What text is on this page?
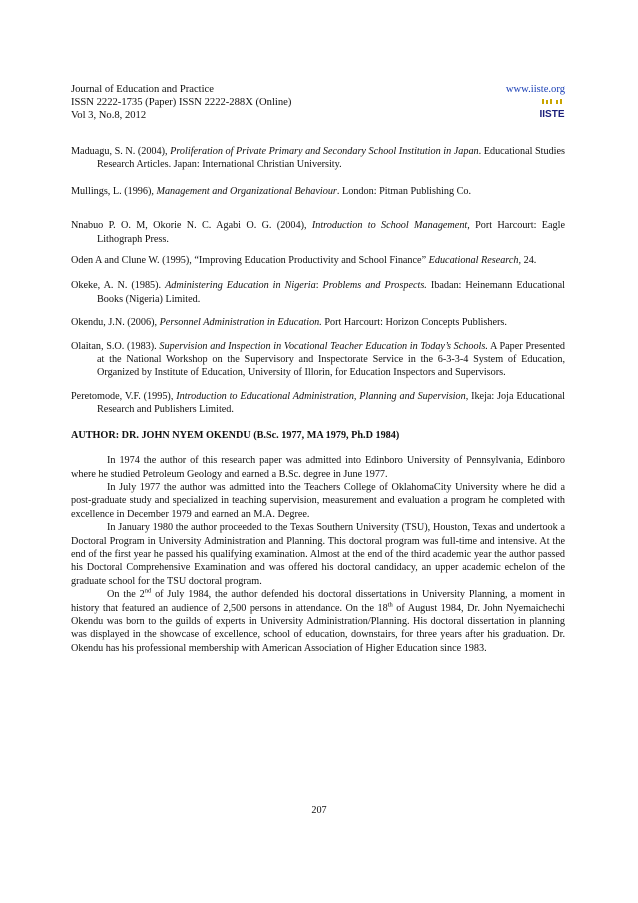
Journal of Education and Practice
ISSN 2222-1735 (Paper) ISSN 2222-288X (Online)
Vol 3, No.8, 2012
www.iiste.org
IISTE

Maduagu, S. N. (2004), Proliferation of Private Primary and Secondary School Institution in Japan. Educational Studies Research Articles. Japan: International Christian University.

Mullings, L. (1996), Management and Organizational Behaviour. London: Pitman Publishing Co.

Nnabuo P. O. M, Okorie N. C. Agabi O. G. (2004), Introduction to School Management, Port Harcourt: Eagle Lithograph Press.

Oden A and Clune W. (1995), “Improving Education Productivity and School Finance” Educational Research, 24.

Okeke, A. N. (1985). Administering Education in Nigeria: Problems and Prospects. Ibadan: Heinemann Educational Books (Nigeria) Limited.

Okendu, J.N. (2006), Personnel Administration in Education. Port Harcourt: Horizon Concepts Publishers.

Olaitan, S.O. (1983). Supervision and Inspection in Vocational Teacher Education in Today’s Schools. A Paper Presented at the National Workshop on the Supervisory and Inspectorate Service in the 6-3-3-4 System of Education, Organized by Institute of Education, University of Illorin, for Education Inspectors and Supervisors.

Peretomode, V.F. (1995), Introduction to Educational Administration, Planning and Supervision, Ikeja: Joja Educational Research and Publishers Limited.

AUTHOR: DR. JOHN NYEM OKENDU (B.Sc. 1977, MA 1979, Ph.D 1984)

In 1974 the author of this research paper was admitted into Edinboro University of Pennsylvania, Edinboro where he studied Petroleum Geology and earned a B.Sc. degree in June 1977.

In July 1977 the author was admitted into the Teachers College of OklahomaCity University where he did a post-graduate study and specialized in teaching supervision, measurement and evaluation a program he completed with excellence in December 1979 and earned an M.A. Degree.

In January 1980 the author proceeded to the Texas Southern University (TSU), Houston, Texas and undertook a Doctoral Program in University Administration and Planning. This doctoral program was full-time and intensive. At the end of the first year he passed his qualifying examination. Almost at the end of the third academic year the author passed his Doctoral Comprehensive Examination and was offered his doctoral candidacy, an upper academic echelon of the graduate school for the TSU doctoral program.

On the 2nd of July 1984, the author defended his doctoral dissertations in University Planning, a moment in history that featured an audience of 2,500 persons in attendance. On the 18th of August 1984, Dr. John Nyemaichechi Okendu was born to the guilds of experts in University Administration/Planning. His doctoral dissertation in planning was displayed in the showcase of excellence, school of education, downstairs, for three years after his graduation. Dr. Okendu has his professional membership with American Association of Higher Education since 1983.

207
